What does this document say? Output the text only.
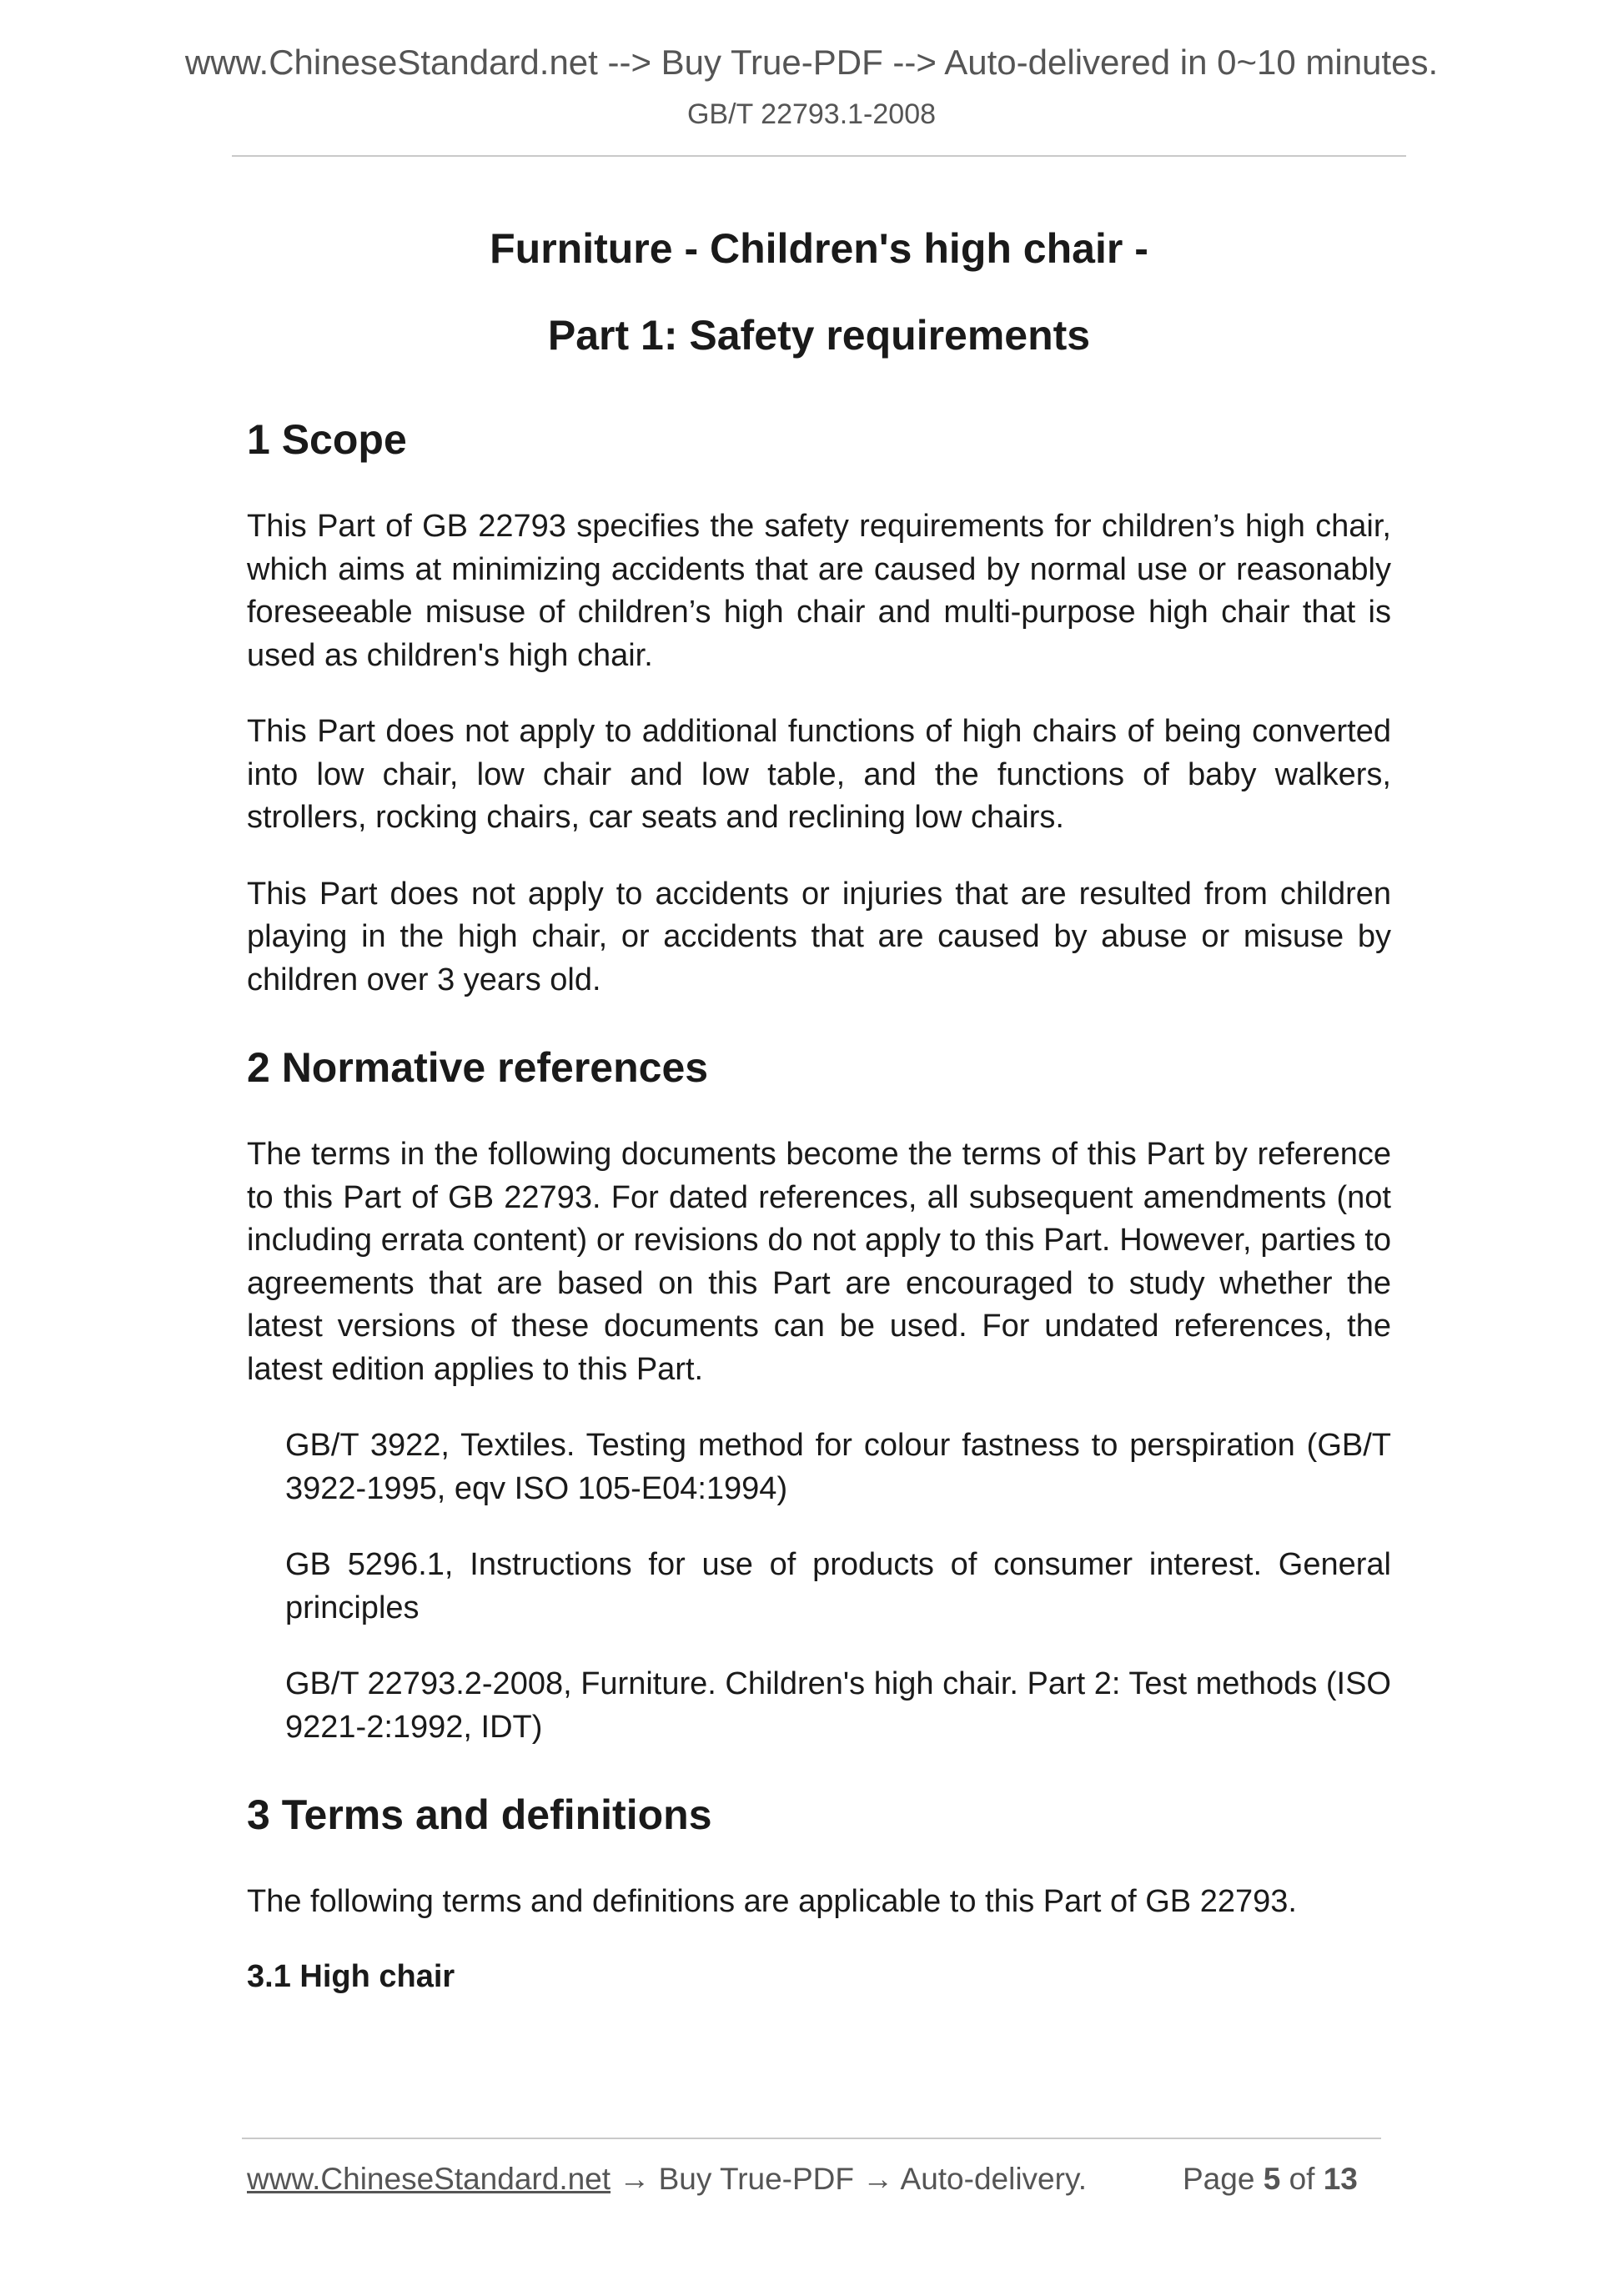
www.ChineseStandard.net --> Buy True-PDF --> Auto-delivered in 0~10 minutes.
GB/T 22793.1-2008
Furniture - Children's high chair -
Part 1: Safety requirements
1 Scope

This Part of GB 22793 specifies the safety requirements for children’s high chair, which aims at minimizing accidents that are caused by normal use or reasonably foreseeable misuse of children’s high chair and multi-purpose high chair that is used as children's high chair.

This Part does not apply to additional functions of high chairs of being converted into low chair, low chair and low table, and the functions of baby walkers, strollers, rocking chairs, car seats and reclining low chairs.

This Part does not apply to accidents or injuries that are resulted from children playing in the high chair, or accidents that are caused by abuse or misuse by children over 3 years old.

2 Normative references

The terms in the following documents become the terms of this Part by reference to this Part of GB 22793. For dated references, all subsequent amendments (not including errata content) or revisions do not apply to this Part. However, parties to agreements that are based on this Part are encouraged to study whether the latest versions of these documents can be used. For undated references, the latest edition applies to this Part.

GB/T 3922, Textiles. Testing method for colour fastness to perspiration (GB/T 3922-1995, eqv ISO 105-E04:1994)

GB 5296.1, Instructions for use of products of consumer interest. General principles

GB/T 22793.2-2008, Furniture. Children's high chair. Part 2: Test methods (ISO 9221-2:1992, IDT)

3 Terms and definitions

The following terms and definitions are applicable to this Part of GB 22793.

3.1 High chair
www.ChineseStandard.net → Buy True-PDF → Auto-delivery.	Page 5 of 13
